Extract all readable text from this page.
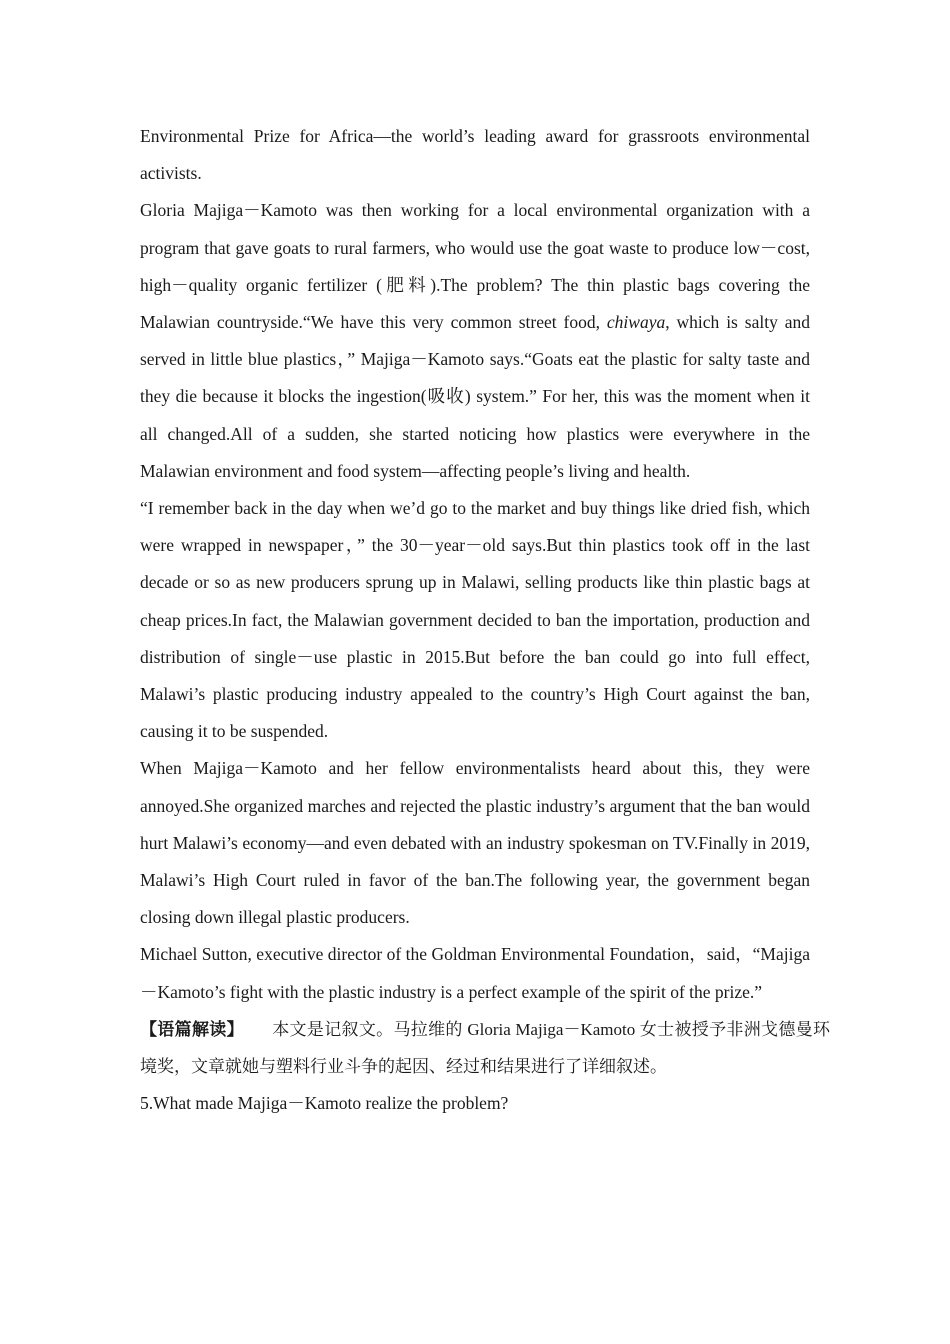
Environmental Prize for Africa—the world’s leading award for grassroots environmental activists.

Gloria Majiga－Kamoto was then working for a local environmental organization with a program that gave goats to rural farmers, who would use the goat waste to produce low－cost, high－quality organic fertilizer (肥料).The problem? The thin plastic bags covering the Malawian countryside.“We have this very common street food, chiwaya, which is salty and served in little blue plastics，” Majiga－Kamoto says.“Goats eat the plastic for salty taste and they die because it blocks the ingestion(吸收) system.” For her, this was the moment when it all changed.All of a sudden, she started noticing how plastics were everywhere in the Malawian environment and food system—affecting people’s living and health.

“I remember back in the day when we’d go to the market and buy things like dried fish, which were wrapped in newspaper，” the 30－year－old says.But thin plastics took off in the last decade or so as new producers sprung up in Malawi, selling products like thin plastic bags at cheap prices.In fact, the Malawian government decided to ban the importation, production and distribution of single－use plastic in 2015.But before the ban could go into full effect, Malawi’s plastic producing industry appealed to the country’s High Court against the ban, causing it to be suspended.

When Majiga－Kamoto and her fellow environmentalists heard about this, they were annoyed.She organized marches and rejected the plastic industry’s argument that the ban would hurt Malawi’s economy—and even debated with an industry spokesman on TV.Finally in 2019, Malawi’s High Court ruled in favor of the ban.The following year, the government began closing down illegal plastic producers.

Michael Sutton, executive director of the Goldman Environmental Foundation，said，“Majiga－Kamoto’s fight with the plastic industry is a perfect example of the spirit of the prize.”

【语篇解读】 本文是记叙文。马拉维的 Gloria Majiga－Kamoto 女士被授予非洲戈德曼环境奖，文章就她与塑料行业斗争的起因、经过和结果进行了详细叙述。

5.What made Majiga－Kamoto realize the problem?
